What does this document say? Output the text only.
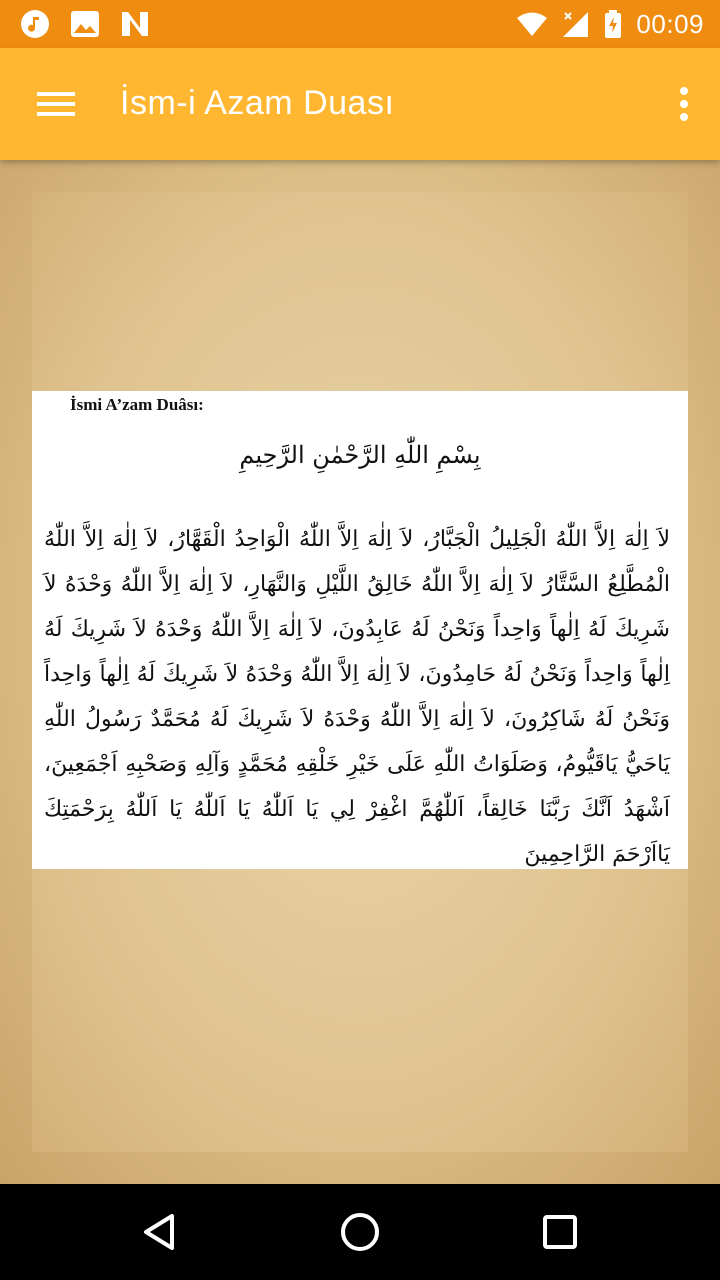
00:09
İsm-i Azam Duası
İsmi A’zam Duâsı:
بِسْمِ اللّٰهِ الرَّحْمٰنِ الرَّحِيمِ
لاَ اِلٰهَ اِلاَّ اللّٰهُ الْجَلِيلُ الْجَبَّارُ، لاَ اِلٰهَ اِلاَّ اللّٰهُ الْوَاحِدُ الْقَهَّارُ، لاَ اِلٰهَ اِلاَّ اللّٰهُ الْمُطَّلِعُ السَّتَّارُ لاَ اِلٰهَ اِلاَّ اللّٰهُ خَالِقُ اللَّيْلِ وَالنَّهَارِ، لاَ اِلٰهَ اِلاَّ اللّٰهُ وَحْدَهُ لاَ شَرِيكَ لَهُ اِلٰهاً وَاحِداً وَنَحْنُ لَهُ عَابِدُونَ، لاَ اِلٰهَ اِلاَّ اللّٰهُ وَحْدَهُ لاَ شَرِيكَ لَهُ اِلٰهاً وَاحِداً وَنَحْنُ لَهُ حَامِدُونَ، لاَ اِلٰهَ اِلاَّ اللّٰهُ وَحْدَهُ لاَ شَرِيكَ لَهُ اِلٰهاً وَاحِداً وَنَحْنُ لَهُ شَاكِرُونَ، لاَ اِلٰهَ اِلاَّ اللّٰهُ وَحْدَهُ لاَ شَرِيكَ لَهُ مُحَمَّدٌ رَسُولُ اللّٰهِ يَاحَيُّ يَاقَيُّومُ، وَصَلَوَاتُ اللّٰهِ عَلَى خَيْرِ خَلْقِهِ مُحَمَّدٍ وَآلِهِ وَصَحْبِهِ اَجْمَعِينَ، اَشْهَدُ اَنَّكَ رَبَّنَا خَالِقاً، اَللّٰهُمَّ اغْفِرْ لِي يَا اَللّٰهُ يَا اَللّٰهُ يَا اَللّٰهُ بِرَحْمَتِكَ يَااَرْحَمَ الرَّاحِمِينَ
